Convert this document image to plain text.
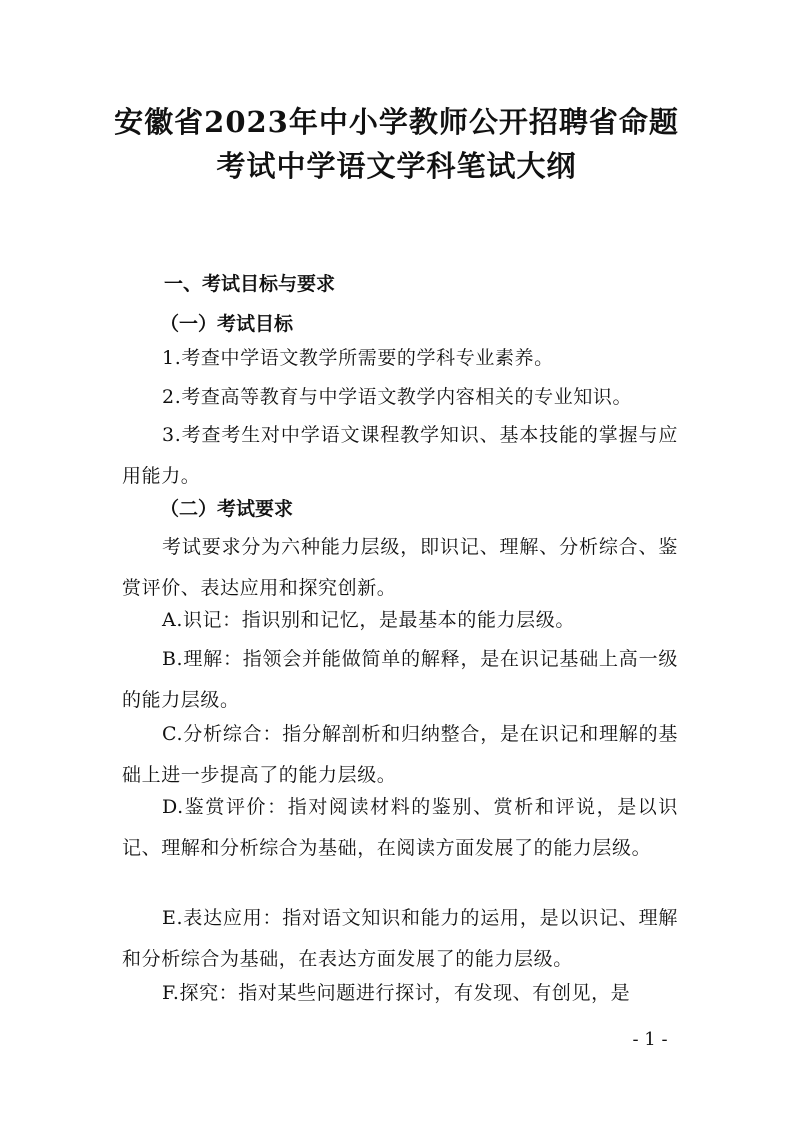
安徽省2023年中小学教师公开招聘省命题
考试中学语文学科笔试大纲
一、考试目标与要求
（一）考试目标
1.考查中学语文教学所需要的学科专业素养。
2.考查高等教育与中学语文教学内容相关的专业知识。
3.考查考生对中学语文课程教学知识、基本技能的掌握与应用能力。
（二）考试要求
考试要求分为六种能力层级，即识记、理解、分析综合、鉴赏评价、表达应用和探究创新。
A.识记：指识别和记忆，是最基本的能力层级。
B.理解：指领会并能做简单的解释，是在识记基础上高一级的能力层级。
C.分析综合：指分解剖析和归纳整合，是在识记和理解的基础上进一步提高了的能力层级。
D.鉴赏评价：指对阅读材料的鉴别、赏析和评说，是以识记、理解和分析综合为基础，在阅读方面发展了的能力层级。
E.表达应用：指对语文知识和能力的运用，是以识记、理解和分析综合为基础，在表达方面发展了的能力层级。
F.探究：指对某些问题进行探讨，有发现、有创见，是
- 1 -
